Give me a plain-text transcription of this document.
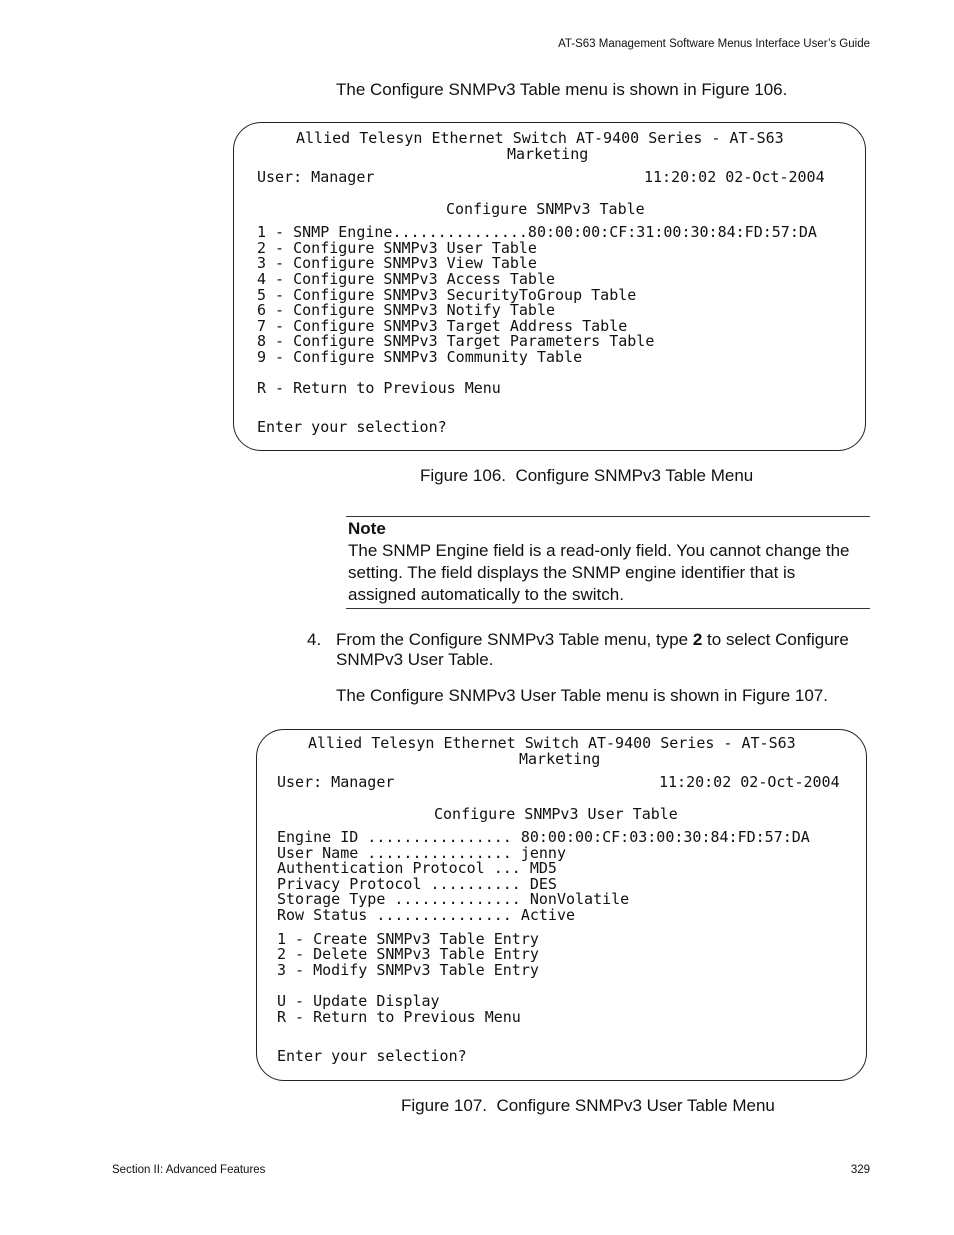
AT-S63 Management Software Menus Interface User’s Guide
The Configure SNMPv3 Table menu is shown in Figure 106.
Allied Telesyn Ethernet Switch AT-9400 Series - AT-S63
Marketing
User: Manager	11:20:02 02-Oct-2004
Configure SNMPv3 Table
1 - SNMP Engine...............80:00:00:CF:31:00:30:84:FD:57:DA
2 - Configure SNMPv3 User Table
3 - Configure SNMPv3 View Table
4 - Configure SNMPv3 Access Table
5 - Configure SNMPv3 SecurityToGroup Table
6 - Configure SNMPv3 Notify Table
7 - Configure SNMPv3 Target Address Table
8 - Configure SNMPv3 Target Parameters Table
9 - Configure SNMPv3 Community Table
R - Return to Previous Menu
Enter your selection?
Figure 106.  Configure SNMPv3 Table Menu
Note
The SNMP Engine field is a read-only field. You cannot change the setting. The field displays the SNMP engine identifier that is assigned automatically to the switch.
4. From the Configure SNMPv3 Table menu, type 2 to select Configure SNMPv3 User Table.
The Configure SNMPv3 User Table menu is shown in Figure 107.
Allied Telesyn Ethernet Switch AT-9400 Series - AT-S63
Marketing
User: Manager	11:20:02 02-Oct-2004
Configure SNMPv3 User Table
Engine ID ................ 80:00:00:CF:03:00:30:84:FD:57:DA
User Name ................ jenny
Authentication Protocol ... MD5
Privacy Protocol .......... DES
Storage Type .............. NonVolatile
Row Status ............... Active
1 - Create SNMPv3 Table Entry
2 - Delete SNMPv3 Table Entry
3 - Modify SNMPv3 Table Entry
U - Update Display
R - Return to Previous Menu
Enter your selection?
Figure 107.  Configure SNMPv3 User Table Menu
Section II: Advanced Features	329
